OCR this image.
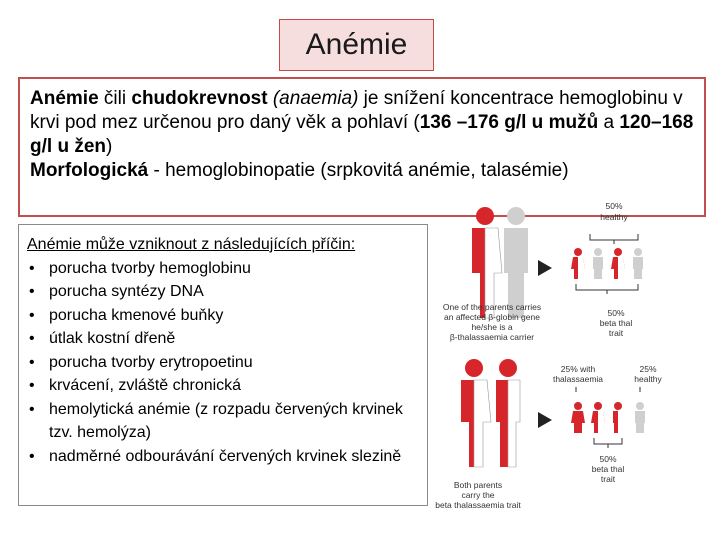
Anémie
Anémie čili chudokrevnost (anaemia) je snížení koncentrace hemoglobinu v krvi pod mez určenou pro daný věk a pohlaví (136 –176 g/l u mužů a 120–168 g/l u žen)
Morfologická - hemoglobinopatie (srpkovitá anémie, talasémie)
Anémie může vzniknout z následujících příčin:
• porucha tvorby hemoglobinu
• porucha syntézy DNA
• porucha kmenové buňky
• útlak kostní dřeně
• porucha tvorby erytropoetinu
• krvácení, zvláště chronická
• hemolytická anémie (z rozpadu červených krvinek tzv. hemolýza)
• nadměrné odbourávání červených krvinek slezině
50%
healthy
One of the parents carries
an affected β-globin gene
he/she is a
β-thalassaemia carrier
50%
beta thal
trait
25% with
thalassaemia
25%
healthy
Both parents
carry the
beta thalassaemia trait
50%
beta thal
trait
